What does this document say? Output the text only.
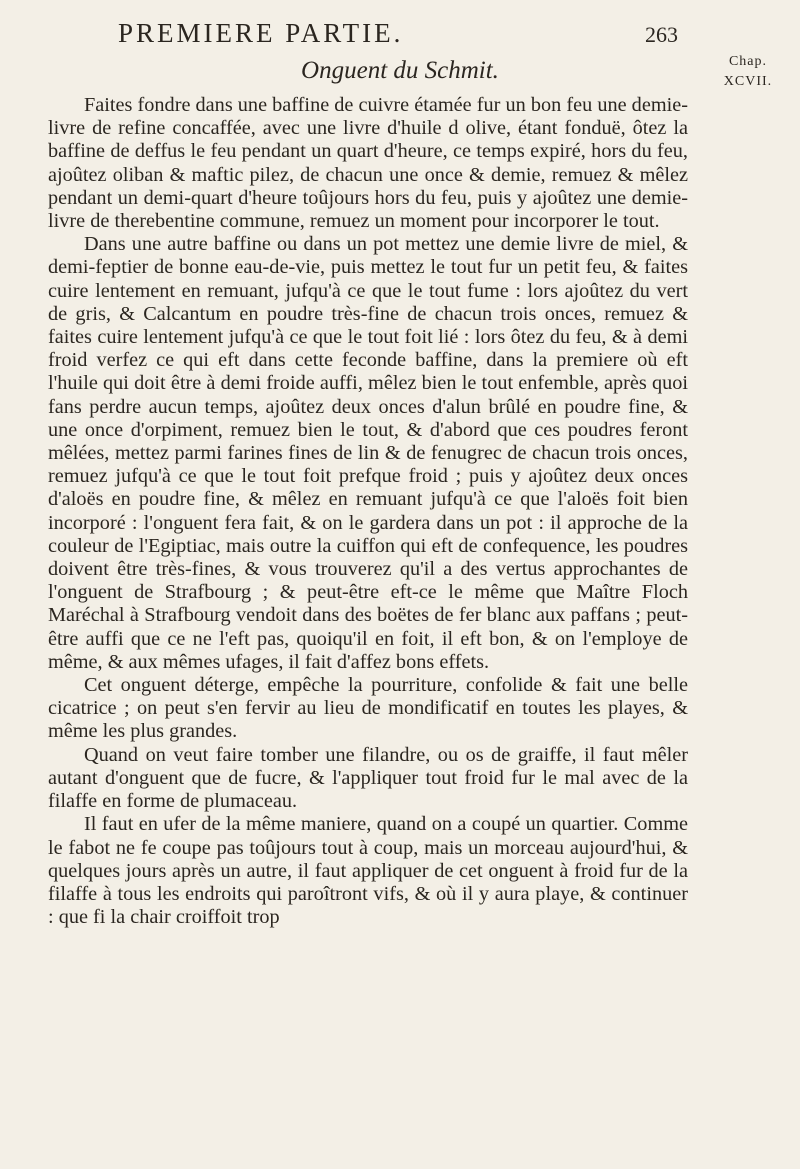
PREMIERE PARTIE.	263
Chap.
XCVII.
Onguent du Schmit.

Faites fondre dans une baffine de cuivre étamée fur un bon feu une demie-livre de refine concaffée, avec une livre d'huile d olive, étant fonduë, ôtez la baffine de deffus le feu pendant un quart d'heure, ce temps expiré, hors du feu, ajoûtez oliban & maftic pilez, de chacun une once & demie, remuez & mêlez pendant un demi-quart d'heure toûjours hors du feu, puis y ajoûtez une demie-livre de therebentine commune, remuez un moment pour incorporer le tout.

Dans une autre baffine ou dans un pot mettez une demie livre de miel, & demi-feptier de bonne eau-de-vie, puis mettez le tout fur un petit feu, & faites cuire lentement en remuant, jufqu'à ce que le tout fume : lors ajoûtez du vert de gris, & Calcantum en poudre très-fine de chacun trois onces, remuez & faites cuire lentement jufqu'à ce que le tout foit lié : lors ôtez du feu, & à demi froid verfez ce qui eft dans cette feconde baffine, dans la premiere où eft l'huile qui doit être à demi froide auffi, mêlez bien le tout enfemble, après quoi fans perdre aucun temps, ajoûtez deux onces d'alun brûlé en poudre fine, & une once d'orpiment, remuez bien le tout, & d'abord que ces poudres feront mêlées, mettez parmi farines fines de lin & de fenugrec de chacun trois onces, remuez jufqu'à ce que le tout foit prefque froid ; puis y ajoûtez deux onces d'aloës en poudre fine, & mêlez en remuant jufqu'à ce que l'aloës foit bien incorporé : l'onguent fera fait, & on le gardera dans un pot : il approche de la couleur de l'Egiptiac, mais outre la cuiffon qui eft de confequence, les poudres doivent être très-fines, & vous trouverez qu'il a des vertus approchantes de l'onguent de Strafbourg ; & peut-être eft-ce le même que Maître Floch Maréchal à Strafbourg vendoit dans des boëtes de fer blanc aux paffans ; peut-être auffi que ce ne l'eft pas, quoiqu'il en foit, il eft bon, & on l'employe de même, & aux mêmes ufages, il fait d'affez bons effets.

Cet onguent déterge, empêche la pourriture, confolide & fait une belle cicatrice ; on peut s'en fervir au lieu de mondificatif en toutes les playes, & même les plus grandes.

Quand on veut faire tomber une filandre, ou os de graiffe, il faut mêler autant d'onguent que de fucre, & l'appliquer tout froid fur le mal avec de la filaffe en forme de plumaceau.

Il faut en ufer de la même maniere, quand on a coupé un quartier. Comme le fabot ne fe coupe pas toûjours tout à coup, mais un morceau aujourd'hui, & quelques jours après un autre, il faut appliquer de cet onguent à froid fur de la filaffe à tous les endroits qui paroîtront vifs, & où il y aura playe, & continuer : que fi la chair croiffoit trop
